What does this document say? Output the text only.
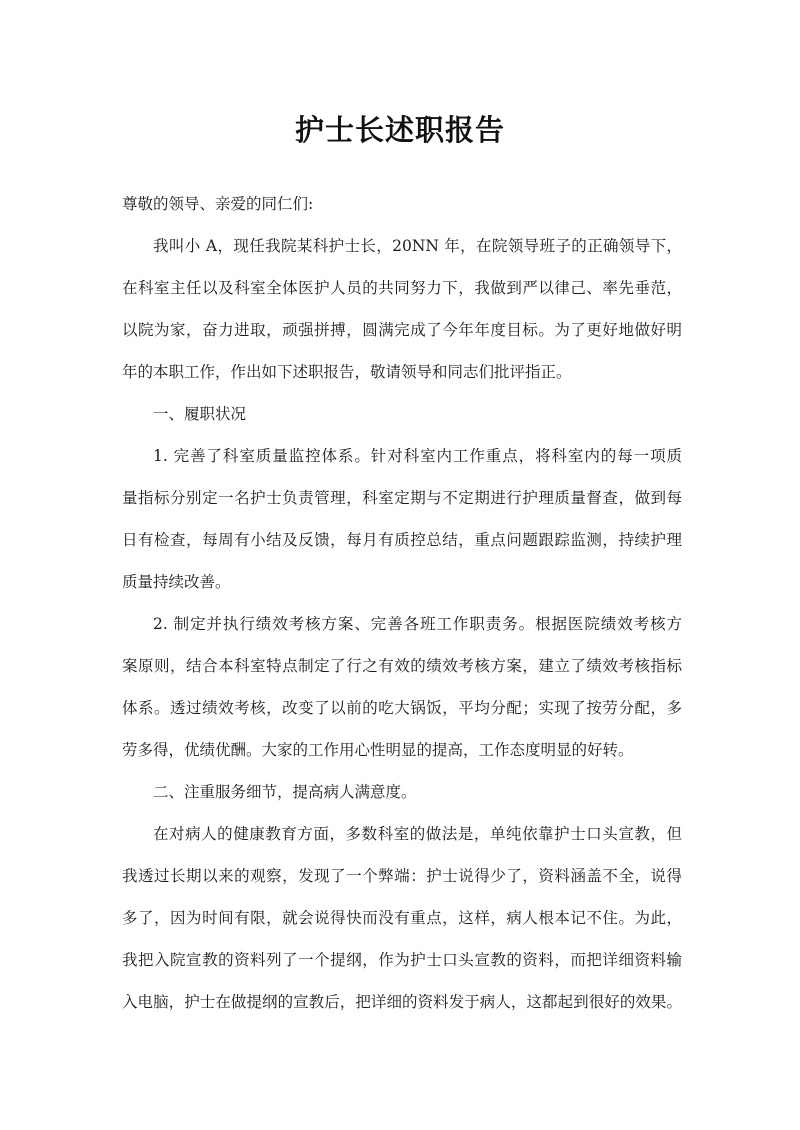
护士长述职报告
尊敬的领导、亲爱的同仁们:
我叫小 A，现任我院某科护士长，20NN 年，在院领导班子的正确领导下，
在科室主任以及科室全体医护人员的共同努力下，我做到严以律己、率先垂范，
以院为家，奋力进取，顽强拼搏，圆满完成了今年年度目标。为了更好地做好明
年的本职工作，作出如下述职报告，敬请领导和同志们批评指正。
一、履职状况
1. 完善了科室质量监控体系。针对科室内工作重点，将科室内的每一项质
量指标分别定一名护士负责管理，科室定期与不定期进行护理质量督查，做到每
日有检查，每周有小结及反馈，每月有质控总结，重点问题跟踪监测，持续护理
质量持续改善。
2. 制定并执行绩效考核方案、完善各班工作职责务。根据医院绩效考核方
案原则，结合本科室特点制定了行之有效的绩效考核方案，建立了绩效考核指标
体系。透过绩效考核，改变了以前的吃大锅饭，平均分配；实现了按劳分配，多
劳多得，优绩优酬。大家的工作用心性明显的提高，工作态度明显的好转。
二、注重服务细节，提高病人满意度。
在对病人的健康教育方面，多数科室的做法是，单纯依靠护士口头宣教，但
我透过长期以来的观察，发现了一个弊端：护士说得少了，资料涵盖不全，说得
多了，因为时间有限，就会说得快而没有重点，这样，病人根本记不住。为此，
我把入院宣教的资料列了一个提纲，作为护士口头宣教的资料，而把详细资料输
入电脑，护士在做提纲的宣教后，把详细的资料发于病人，这都起到很好的效果。
